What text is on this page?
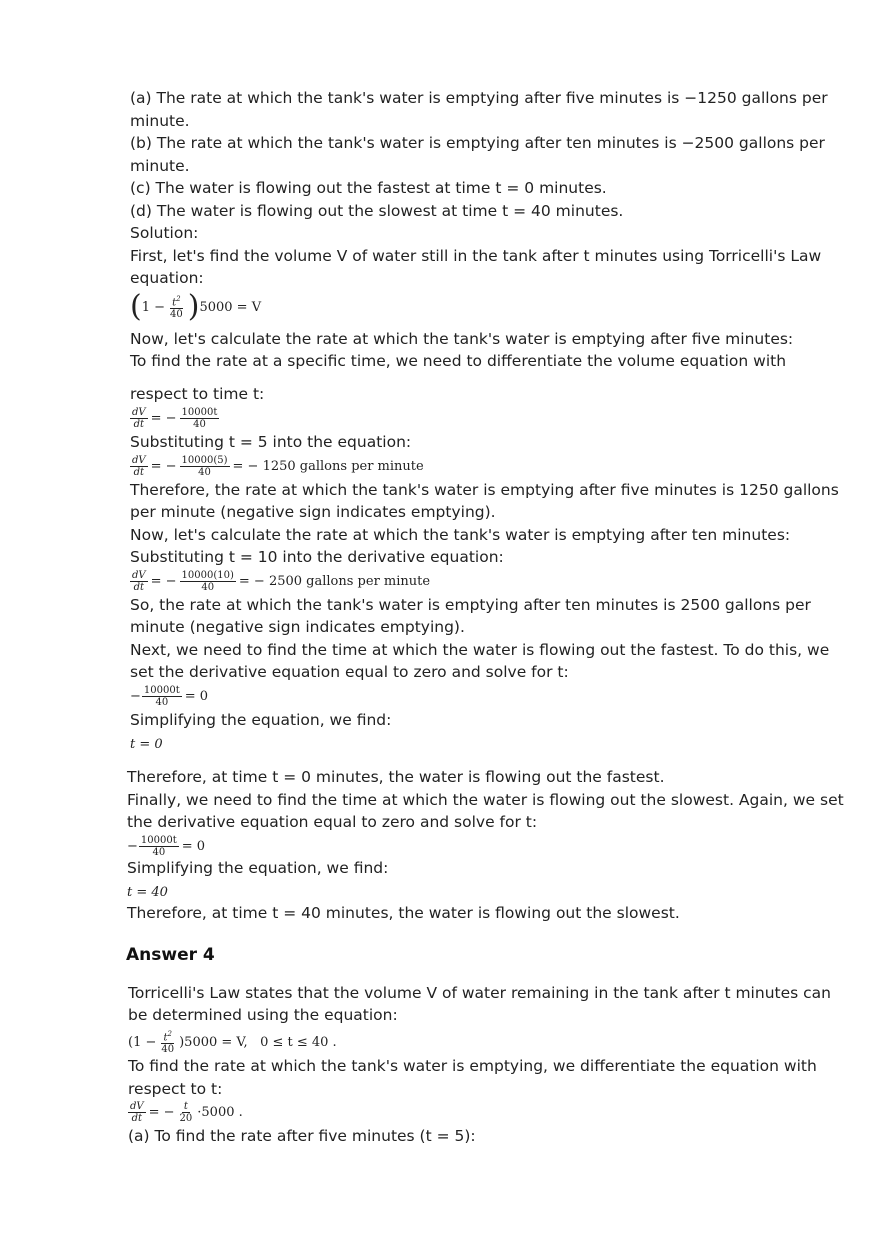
(a) The rate at which the tank's water is emptying after five minutes is −1250 gallons per
minute.
(b) The rate at which the tank's water is emptying after ten minutes is −2500 gallons per
minute.
(c) The water is flowing out the fastest at time t = 0 minutes.
(d) The water is flowing out the slowest at time t = 40 minutes.
Solution:
First, let's find the volume V of water still in the tank after t minutes using Torricelli's Law
equation:
( $1 - \frac{t^2}{40}$ ) 5000 = V
Now, let's calculate the rate at which the tank's water is emptying after five minutes:
To find the rate at a specific time, we need to differentiate the volume equation with
respect to time t:
$\frac{dV}{dt}$ = − $\frac{10000t}{40}$
Substituting t = 5 into the equation:
$\frac{dV}{dt}$ = − $\frac{10000(5)}{40}$ = − 1250 gallons per minute
Therefore, the rate at which the tank's water is emptying after five minutes is 1250 gallons
per minute (negative sign indicates emptying).
Now, let's calculate the rate at which the tank's water is emptying after ten minutes:
Substituting t = 10 into the derivative equation:
$\frac{dV}{dt}$ = − $\frac{10000(10)}{40}$ = − 2500 gallons per minute
So, the rate at which the tank's water is emptying after ten minutes is 2500 gallons per
minute (negative sign indicates emptying).
Next, we need to find the time at which the water is flowing out the fastest. To do this, we
set the derivative equation equal to zero and solve for t:
− $\frac{10000t}{40} = 0$
Simplifying the equation, we find:
t = 0
Therefore, at time t = 0 minutes, the water is flowing out the fastest.
Finally, we need to find the time at which the water is flowing out the slowest. Again, we set
the derivative equation equal to zero and solve for t:
− $\frac{10000t}{40} = 0$
Simplifying the equation, we find:
t = 40
Therefore, at time t = 40 minutes, the water is flowing out the slowest.
Answer 4
Torricelli's Law states that the volume V of water remaining in the tank after t minutes can
be determined using the equation:
$(1 - \frac{t^2}{40} )5000 = V$,   0 ≤ t ≤ 40 .
To find the rate at which the tank's water is emptying, we differentiate the equation with
respect to t:
$\frac{dV}{dt}$ = − $\frac{t}{20} \cdot 5000$ .
(a) To find the rate after five minutes (t = 5):
